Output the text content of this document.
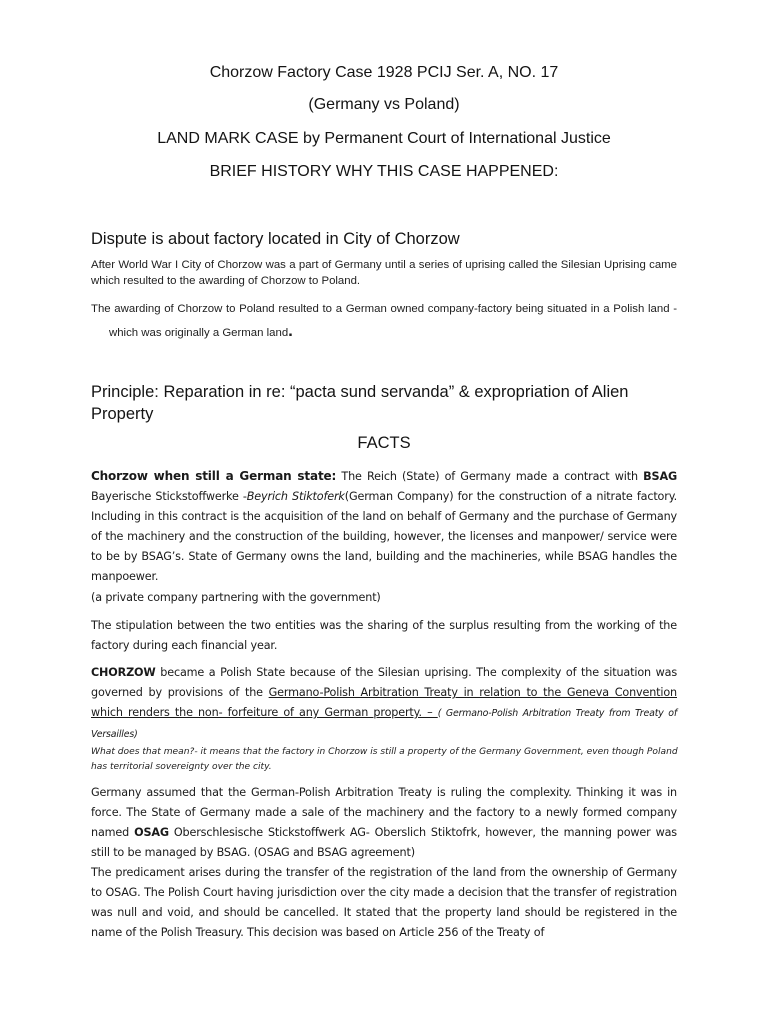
Chorzow Factory Case 1928 PCIJ Ser. A, NO. 17
(Germany vs Poland)
LAND MARK CASE by Permanent Court of International Justice
BRIEF HISTORY WHY THIS CASE HAPPENED:
Dispute is about factory located in City of Chorzow
After World War I City of Chorzow was a part of Germany until a series of uprising called the Silesian Uprising came which resulted to the awarding of Chorzow to Poland.
The awarding of Chorzow to Poland resulted to a German owned company-factory being situated in a Polish land - which was originally a German land.
Principle: Reparation in re: “pacta sund servanda” & expropriation of Alien Property
FACTS
Chorzow when still a German state: The Reich (State) of Germany made a contract with BSAG Bayerische Stickstoffwerke -Beyrich Stiktoferk(German Company) for the construction of a nitrate factory. Including in this contract is the acquisition of the land on behalf of Germany and the purchase of Germany of the machinery and the construction of the building, however, the licenses and manpower/ service were to be by BSAG’s. State of Germany owns the land, building and the machineries, while BSAG handles the manpoewer.
(a private company partnering with the government)
The stipulation between the two entities was the sharing of the surplus resulting from the working of the factory during each financial year.
CHORZOW became a Polish State because of the Silesian uprising. The complexity of the situation was governed by provisions of the Germano-Polish Arbitration Treaty in relation to the Geneva Convention which renders the non- forfeiture of any German property. – ( Germano-Polish Arbitration Treaty from Treaty of Versailles)
What does that mean?- it means that the factory in Chorzow is still a property of the Germany Government, even though Poland has territorial sovereignty over the city.
Germany assumed that the German-Polish Arbitration Treaty is ruling the complexity. Thinking it was in force. The State of Germany made a sale of the machinery and the factory to a newly formed company named OSAG Oberschlesische Stickstoffwerk AG- Oberslich Stiktofrk, however, the manning power was still to be managed by BSAG. (OSAG and BSAG agreement)
The predicament arises during the transfer of the registration of the land from the ownership of Germany to OSAG. The Polish Court having jurisdiction over the city made a decision that the transfer of registration was null and void, and should be cancelled. It stated that the property land should be registered in the name of the Polish Treasury. This decision was based on Article 256 of the Treaty of
